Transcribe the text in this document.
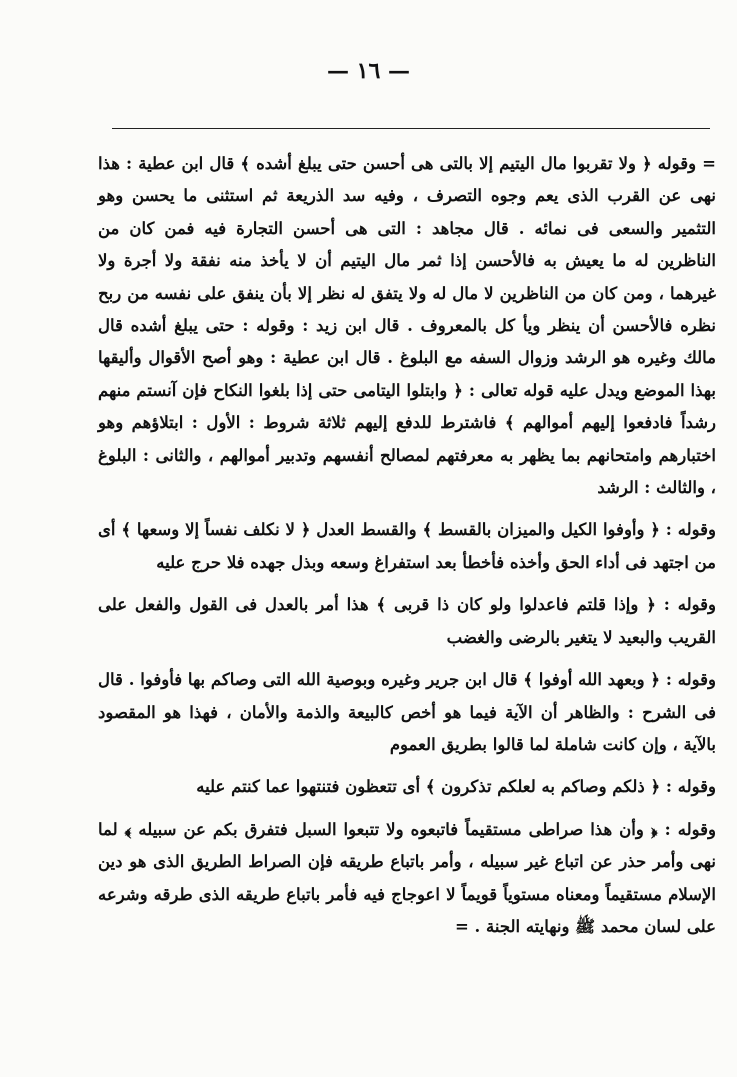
— ١٦ —

= وقوله ﴿ ولا تقربوا مال اليتيم إلا بالتى هى أحسن حتى يبلغ أشده ﴾ قال ابن عطية : هذا نهى عن القرب الذى يعم وجوه التصرف ، وفيه سد الذريعة ثم استثنى ما يحسن وهو التثمير والسعى فى نمائه . قال مجاهد : التى هى أحسن التجارة فيه فمن كان من الناظرين له ما يعيش به فالأحسن إذا ثمر مال اليتيم أن لا يأخذ منه نفقة ولا أجرة ولا غيرهما ، ومن كان من الناظرين لا مال له ولا يتفق له نظر إلا بأن ينفق على نفسه من ربح نظره فالأحسن أن ينظر ويأ كل بالمعروف . قال ابن زيد : وقوله : حتى يبلغ أشده قال مالك وغيره هو الرشد وزوال السفه مع البلوغ . قال ابن عطية : وهو أصح الأقوال وأليقها بهذا الموضع ويدل عليه قوله تعالى : ﴿ وابتلوا اليتامى حتى إذا بلغوا النكاح فإن آنستم منهم رشداً فادفعوا إليهم أموالهم ﴾ فاشترط للدفع إليهم ثلاثة شروط : الأول : ابتلاؤهم وهو اختبارهم وامتحانهم بما يظهر به معرفتهم لمصالح أنفسهم وتدبير أموالهم ، والثانى : البلوغ ، والثالث : الرشد

وقوله : ﴿ وأوفوا الكيل والميزان بالقسط ﴾ والقسط العدل ﴿ لا نكلف نفساً إلا وسعها ﴾ أى من اجتهد فى أداء الحق وأخذه فأخطأ بعد استفراغ وسعه وبذل جهده فلا حرج عليه

وقوله : ﴿ وإذا قلتم فاعدلوا ولو كان ذا قربى ﴾ هذا أمر بالعدل فى القول والفعل على القريب والبعيد لا يتغير بالرضى والغضب

وقوله : ﴿ وبعهد الله أوفوا ﴾ قال ابن جرير وغيره وبوصية الله التى وصاكم بها فأوفوا . قال فى الشرح : والظاهر أن الآية فيما هو أخص كالبيعة والذمة والأمان ، فهذا هو المقصود بالآية ، وإن كانت شاملة لما قالوا بطريق العموم

وقوله : ﴿ ذلكم وصاكم به لعلكم تذكرون ﴾ أى تتعظون فتنتهوا عما كنتم عليه

وقوله : ﴿ وأن هذا صراطى مستقيماً فاتبعوه ولا تتبعوا السبل فتفرق بكم عن سبيله ﴾ لما نهى وأمر حذر عن اتباع غير سبيله ، وأمر باتباع طريقه فإن الصراط الطريق الذى هو دين الإسلام مستقيماً ومعناه مستوياً قويماً لا اعوجاج فيه فأمر باتباع طريقه الذى طرقه وشرعه على لسان محمد ﷺ ونهايته الجنة . =
